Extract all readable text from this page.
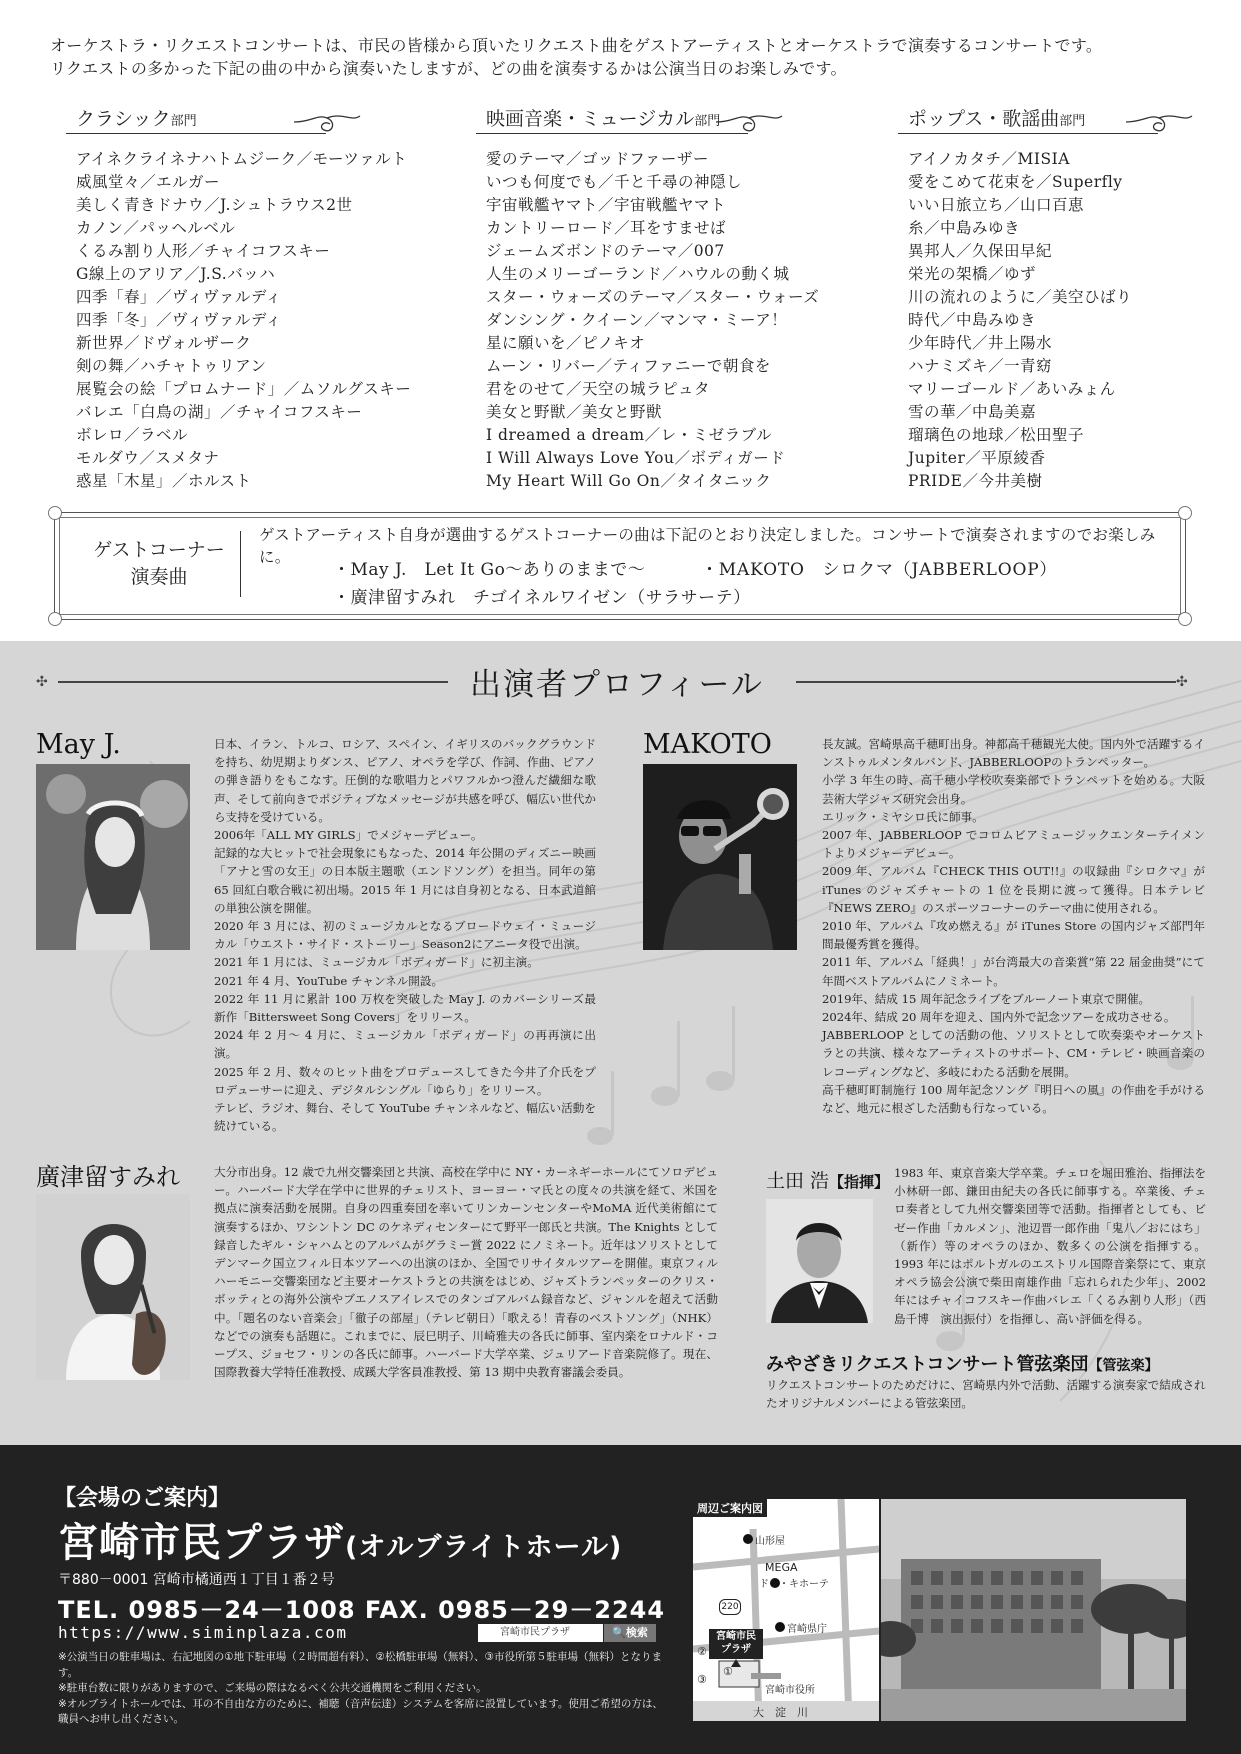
オーケストラ・リクエストコンサートは、市民の皆様から頂いたリクエスト曲をゲストアーティストとオーケストラで演奏するコンサートです。
リクエストの多かった下記の曲の中から演奏いたしますが、どの曲を演奏するかは公演当日のお楽しみです。
クラシック部門
アイネクライネナハトムジーク／モーツァルト
威風堂々／エルガー
美しく青きドナウ／J.シュトラウス2世
カノン／パッヘルベル
くるみ割り人形／チャイコフスキー
G線上のアリア／J.S.バッハ
四季「春」／ヴィヴァルディ
四季「冬」／ヴィヴァルディ
新世界／ドヴォルザーク
剣の舞／ハチャトゥリアン
展覧会の絵「プロムナード」／ムソルグスキー
バレエ「白鳥の湖」／チャイコフスキー
ボレロ／ラベル
モルダウ／スメタナ
惑星「木星」／ホルスト
映画音楽・ミュージカル部門
愛のテーマ／ゴッドファーザー
いつも何度でも／千と千尋の神隠し
宇宙戦艦ヤマト／宇宙戦艦ヤマト
カントリーロード／耳をすませば
ジェームズボンドのテーマ／007
人生のメリーゴーランド／ハウルの動く城
スター・ウォーズのテーマ／スター・ウォーズ
ダンシング・クイーン／マンマ・ミーア！
星に願いを／ピノキオ
ムーン・リバー／ティファニーで朝食を
君をのせて／天空の城ラピュタ
美女と野獣／美女と野獣
I dreamed a dream／レ・ミゼラブル
I Will Always Love You／ボディガード
My Heart Will Go On／タイタニック
ポップス・歌謡曲部門
アイノカタチ／MISIA
愛をこめて花束を／Superfly
いい日旅立ち／山口百恵
糸／中島みゆき
異邦人／久保田早紀
栄光の架橋／ゆず
川の流れのように／美空ひばり
時代／中島みゆき
少年時代／井上陽水
ハナミズキ／一青窈
マリーゴールド／あいみょん
雪の華／中島美嘉
瑠璃色の地球／松田聖子
Jupiter／平原綾香
PRIDE／今井美樹
ゲストコーナー
演奏曲
ゲストアーティスト自身が選曲するゲストコーナーの曲は下記のとおり決定しました。コンサートで演奏されますのでお楽しみに。
・May J.　Let It Go～ありのままで～	・MAKOTO　シロクマ（JABBERLOOP）
・廣津留すみれ　チゴイネルワイゼン（サラサーテ）
✣	✣
出演者プロフィール
May J.	日本、イラン、トルコ、ロシア、スペイン、イギリスのバックグラウンドを持ち、幼児期よりダンス、ピアノ、オペラを学び、作詞、作曲、ピアノの弾き語りをもこなす。圧倒的な歌唱力とパワフルかつ澄んだ繊細な歌声、そして前向きでポジティブなメッセージが共感を呼び、幅広い世代から支持を受けている。
2006年「ALL MY GIRLS」でメジャーデビュー。
記録的な大ヒットで社会現象にもなった、2014 年公開のディズニー映画「アナと雪の女王」の日本版主題歌（エンドソング）を担当。同年の第 65 回紅白歌合戦に初出場。2015 年 1 月には自身初となる、日本武道館の単独公演を開催。
2020 年 3 月には、初のミュージカルとなるブロードウェイ・ミュージカル「ウエスト・サイド・ストーリー」Season2にアニータ役で出演。
2021 年 1 月には、ミュージカル「ボディガード」に初主演。
2021 年 4 月、YouTube チャンネル開設。
2022 年 11 月に累計 100 万枚を突破した May J. のカバーシリーズ最新作「Bittersweet Song Covers」をリリース。
2024 年 2 月～ 4 月に、ミュージカル「ボディガード」の再再演に出演。
2025 年 2 月、数々のヒット曲をプロデュースしてきた今井了介氏をプロデューサーに迎え、デジタルシングル「ゆらり」をリリース。
テレビ、ラジオ、舞台、そして YouTube チャンネルなど、幅広い活動を続けている。
MAKOTO	長友誠。宮崎県高千穂町出身。神都高千穂観光大使。国内外で活躍するインストゥルメンタルバンド、JABBERLOOPのトランペッター。
小学 3 年生の時、高千穂小学校吹奏楽部でトランペットを始める。大阪芸術大学ジャズ研究会出身。
エリック・ミヤシロ氏に師事。
2007 年、JABBERLOOP でコロムビアミュージックエンターテイメントよりメジャーデビュー。
2009 年、アルバム『CHECK THIS OUT!!』の収録曲『シロクマ』がiTunes のジャズチャートの 1 位を長期に渡って獲得。日本テレビ『NEWS ZERO』のスポーツコーナーのテーマ曲に使用される。
2010 年、アルバム『攻め燃える』が iTunes Store の国内ジャズ部門年間最優秀賞を獲得。
2011 年、アルバム「経典！」が台湾最大の音楽賞“第 22 届金曲奨”にて年間ベストアルバムにノミネート。
2019年、結成 15 周年記念ライブをブルーノート東京で開催。
2024年、結成 20 周年を迎え、国内外で記念ツアーを成功させる。
JABBERLOOP としての活動の他、ソリストとして吹奏楽やオーケストラとの共演、様々なアーティストのサポート、CM・テレビ・映画音楽のレコーディングなど、多岐にわたる活動を展開。
高千穂町町制施行 100 周年記念ソング『明日への風』の作曲を手がけるなど、地元に根ざした活動も行なっている。
廣津留すみれ	大分市出身。12 歳で九州交響楽団と共演、高校在学中に NY・カーネギーホールにてソロデビュー。ハーバード大学在学中に世界的チェリスト、ヨーヨー・マ氏との度々の共演を経て、米国を拠点に演奏活動を展開。自身の四重奏団を率いてリンカーンセンターやMoMA 近代美術館にて演奏するほか、ワシントン DC のケネディセンターにて野平一郎氏と共演。The Knights として録音したギル・シャハムとのアルバムがグラミー賞 2022 にノミネート。近年はソリストとしてデンマーク国立フィル日本ツアーへの出演のほか、全国でリサイタルツアーを開催。東京フィルハーモニー交響楽団など主要オーケストラとの共演をはじめ、ジャズトランペッターのクリス・ボッティとの海外公演やブエノスアイレスでのタンゴアルバム録音など、ジャンルを超えて活動中。「題名のない音楽会」「徹子の部屋」（テレビ朝日）「歌える！青春のベストソング」（NHK）などでの演奏も話題に。これまでに、辰巳明子、川崎雅夫の各氏に師事、室内楽をロナルド・コープス、ジョセフ・リンの各氏に師事。ハーバード大学卒業、ジュリアード音楽院修了。現在、国際教養大学特任准教授、成蹊大学客員准教授、第 13 期中央教育審議会委員。
土田 浩【指揮】 1983 年、東京音楽大学卒業。チェロを堀田雅治、指揮法を小林研一郎、鎌田由紀夫の各氏に師事する。卒業後、チェロ奏者として九州交響楽団等で活動。指揮者としても、ビゼー作曲「カルメン」、池辺晋一郎作曲「鬼八／おにはち」（新作）等のオペラのほか、数多くの公演を指揮する。1993 年にはポルトガルのエストリル国際音楽祭にて、東京オペラ協会公演で柴田南雄作曲「忘れられた少年」、2002 年にはチャイコフスキー作曲バレエ「くるみ割り人形」（西島千博　演出振付）を指揮し、高い評価を得る。
みやざきリクエストコンサート管弦楽団【管弦楽】
リクエストコンサートのためだけに、宮崎県内外で活動、活躍する演奏家で結成されたオリジナルメンバーによる管弦楽団。
【会場のご案内】
宮崎市民プラザ(オルブライトホール)
〒880－0001 宮崎市橘通西１丁目１番２号
TEL. 0985－24－1008 FAX. 0985－29－2244
https://www.siminplaza.com	宮崎市民プラザ	🔍検索
※公演当日の駐車場は、右記地図の①地下駐車場（２時間超有料）、②松橋駐車場（無料）、③市役所第５駐車場（無料）となります。
※駐車台数に限りがありますので、ご来場の際はなるべく公共交通機関をご利用ください。
※オルブライトホールでは、耳の不自由な方のために、補聴（音声伝達）システムを客席に設置しています。使用ご希望の方は、職員へお申し出ください。
周辺ご案内図
山形屋
MEGA
ドン・キホーテ
220
宮崎県庁
宮崎市民
プラザ
②
①
③
宮崎市役所
大　淀　川
